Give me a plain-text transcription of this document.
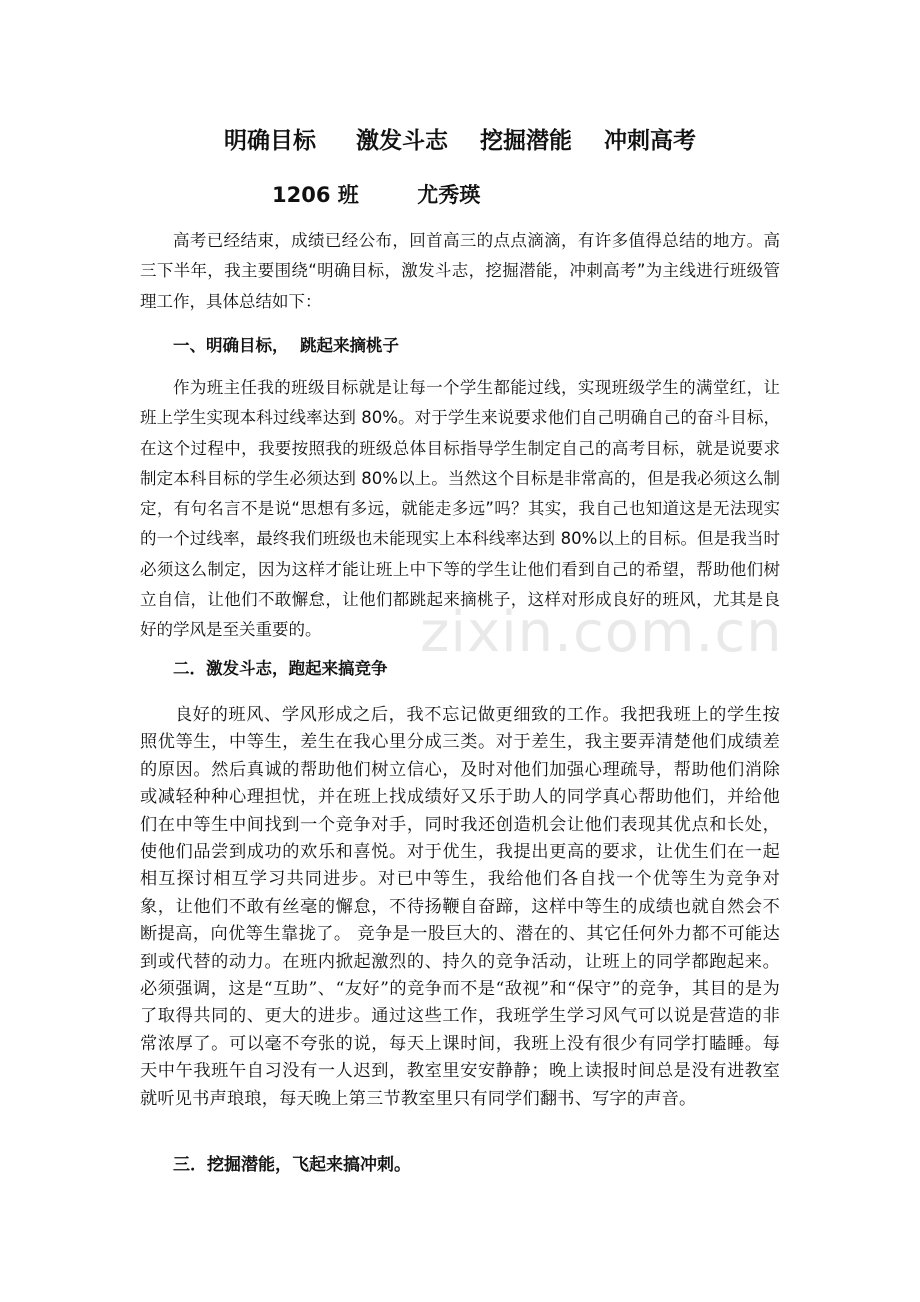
明确目标     激发斗志    挖掘潜能    冲刺高考
1206 班        尤秀瑛

高考已经结束，成绩已经公布，回首高三的点点滴滴，有许多值得总结的地方。高三下半年，我主要围绕“明确目标，激发斗志，挖掘潜能，冲刺高考”为主线进行班级管理工作，具体总结如下：

一、明确目标，  跳起来摘桃子

作为班主任我的班级目标就是让每一个学生都能过线，实现班级学生的满堂红，让班上学生实现本科过线率达到 80%。对于学生来说要求他们自己明确自己的奋斗目标，在这个过程中，我要按照我的班级总体目标指导学生制定自己的高考目标，就是说要求制定本科目标的学生必须达到 80%以上。当然这个目标是非常高的，但是我必须这么制定，有句名言不是说“思想有多远，就能走多远”吗？其实，我自己也知道这是无法现实的一个过线率，最终我们班级也未能现实上本科线率达到 80%以上的目标。但是我当时必须这么制定，因为这样才能让班上中下等的学生让他们看到自己的希望，帮助他们树立自信，让他们不敢懈怠，让他们都跳起来摘桃子，这样对形成良好的班风，尤其是良好的学风是至关重要的。

二．激发斗志，跑起来搞竞争

良好的班风、学风形成之后，我不忘记做更细致的工作。我把我班上的学生按照优等生，中等生，差生在我心里分成三类。对于差生，我主要弄清楚他们成绩差的原因。然后真诚的帮助他们树立信心，及时对他们加强心理疏导，帮助他们消除或减轻种种心理担忧，并在班上找成绩好又乐于助人的同学真心帮助他们，并给他们在中等生中间找到一个竞争对手，同时我还创造机会让他们表现其优点和长处，使他们品尝到成功的欢乐和喜悦。对于优生，我提出更高的要求，让优生们在一起相互探讨相互学习共同进步。对已中等生，我给他们各自找一个优等生为竞争对象，让他们不敢有丝毫的懈怠，不待扬鞭自奋蹄，这样中等生的成绩也就自然会不断提高，向优等生靠拢了。 竞争是一股巨大的、潜在的、其它任何外力都不可能达到或代替的动力。在班内掀起激烈的、持久的竞争活动，让班上的同学都跑起来。必须强调，这是“互助”、“友好”的竞争而不是“敌视”和“保守”的竞争，其目的是为了取得共同的、更大的进步。通过这些工作，我班学生学习风气可以说是营造的非常浓厚了。可以毫不夸张的说，每天上课时间，我班上没有很少有同学打瞌睡。每天中午我班午自习没有一人迟到，教室里安安静静；晚上读报时间总是没有进教室就听见书声琅琅，每天晚上第三节教室里只有同学们翻书、写字的声音。

三．挖掘潜能，飞起来搞冲刺。
zixin.com.cn
